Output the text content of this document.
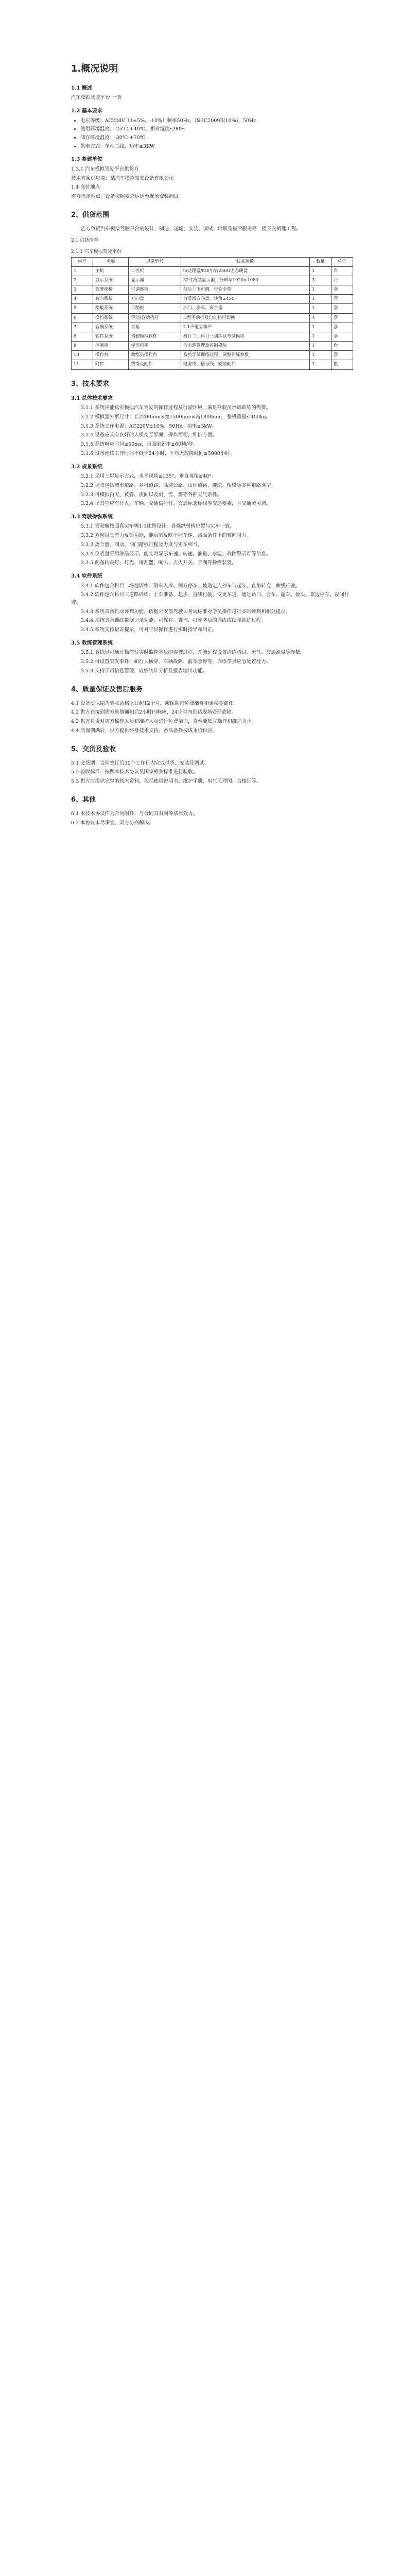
1.概况说明
1.1 概述

汽车模拟驾驶平台 一套

1.2 基本要求
• 电压等级：AC220V（1±5%，-10%）频率50Hz，IS-IC2009Ⅱ(10%)，50Hz
• 使用环境温度：-25℃-+40℃，相对湿度≤90%
• 储存环境温度：-30℃-+70℃
• 供电方式：单相三线，功率≤3KW
1.3 参建单位

1.3.1 汽车模拟驾驶平台供货方

技术方案供应商：某汽车模拟驾驶设备有限公司

1.4 交付地点

需方指定地点，设备按照要求运送至现场安装调试

2、供货范围

乙方负责汽车模拟驾驶平台的设计、制造、运输、安装、调试、培训及售后服务等一揽子交钥匙工程。

2.1 供货清单
2.1.1 汽车模拟驾驶平台
序号	名称	规格型号	技术参数	数量	单位
1	主机	工控机	i5处理器/8G内存/256G固态硬盘	1	台
2	显示系统	显示器	32寸液晶显示器，分辨率1920×1080	3	台
3	驾驶座椅	可调座椅	前后上下可调，带安全带	1	套
4	转向系统	方向盘	力反馈方向盘，转角±450°	1	套
5	踏板系统	三踏板	油门、刹车、离合器	1	套
6	换挡系统	手动/自动挡杆	H型手动挡及自动挡可切换	1	套
7	音响系统	音箱	2.1声道立体声	1	套
8	软件系统	驾驶模拟软件	科目二、科目三训练及考试模块	1	套
9	控制柜	标准机柜	含电源管理及控制模块	1	台
10	操作台	教练员操作台	监控学员训练过程，调整训练参数	1	套
11	附件	线缆及配件	电源线、信号线、安装配件	1	批
3、技术要求
3.1 总体技术要求

3.1.1 系统应能真实模拟汽车驾驶的操作过程及行驶环境，满足驾驶员培训训练的需要。

3.1.2 模拟器外形尺寸：长2200mm×宽1500mm×高1800mm，整机重量≤400kg。

3.1.3 系统工作电源：AC220V±10%，50Hz，功率≤3kW。

3.1.4 设备应具有良好的人机交互界面，操作简便，维护方便。

3.1.5 系统响应时间≤50ms，画面刷新率≥60帧/秒。

3.1.6 设备连续工作时间不低于24小时，平均无故障时间≥5000小时。

3.2 视景系统

3.2.1 采用三屏显示方式，水平视角≥135°，垂直视角≥40°。

3.2.2 场景包括城市道路、乡村道路、高速公路、山区道路、隧道、桥梁等多种道路类型。

3.2.3 可模拟白天、黄昏、夜间以及雨、雪、雾等各种天气条件。

3.2.4 场景中应有行人、车辆、交通信号灯、交通标志标线等交通要素，且交通流可调。

3.3 驾驶操纵系统

3.3.1 驾驶舱按照真实车辆1:1比例设计，各操纵机构位置与实车一致。

3.3.2 方向盘具有力反馈功能，能真实反映不同车速、路面条件下的转向阻力。

3.3.3 离合器、制动、油门踏板行程及力度与实车相当。

3.3.4 仪表盘采用液晶显示，能实时显示车速、转速、油量、水温、故障警示灯等信息。

3.3.5 配备转向灯、灯光、雨刮器、喇叭、点火开关、手刹等操纵装置。

3.4 软件系统

3.4.1 软件包含科目二场地训练：倒车入库、侧方停车、坡道定点停车与起步、直角转弯、曲线行驶。

3.4.2 软件包含科目三道路训练：上车准备、起步、直线行驶、变更车道、通过路口、会车、超车、掉头、靠边停车、夜间行驶。

3.4.3 系统具备自动评判功能，依据公安部驾驶人考试标准对学员操作进行实时评判和扣分提示。

3.4.4 系统具备训练数据记录功能，可保存、查询、打印学员的训练成绩和训练过程。

3.4.5 系统支持语音提示，可对学员操作进行实时指导和纠正。

3.5 教练管理系统

3.5.1 教练员可通过操作台实时监控学员的驾驶过程，并能远程设置训练科目、天气、交通流量等参数。

3.5.2 可设置突发事件，如行人横穿、车辆故障、前车急停等，训练学员应急处置能力。

3.5.3 支持学员信息管理、成绩统计分析及报表输出功能。

4、质量保证及售后服务

4.1 设备质保期为验收合格之日起12个月，质保期内免费维修和更换零部件。

4.2 供方在接到需方维修通知后2小时内响应，24小时内到达现场处理故障。

4.3 供方负责对需方操作人员和维护人员进行免费培训，直至能独立操作和维护为止。

4.4 质保期满后，供方提供终身技术支持，备品备件按成本价供应。

5、交货及验收

5.1 交货期：合同签订后30个工作日内完成供货、安装及调试。

5.2 验收标准：按照本技术协议及国家相关标准进行验收。

5.3 供方应提供完整的技术资料，包括使用说明书、维护手册、电气原理图、合格证等。

6、其他

6.1 本技术协议作为合同附件，与合同具有同等法律效力。

6.2 本协议未尽事宜，双方协商解决。
